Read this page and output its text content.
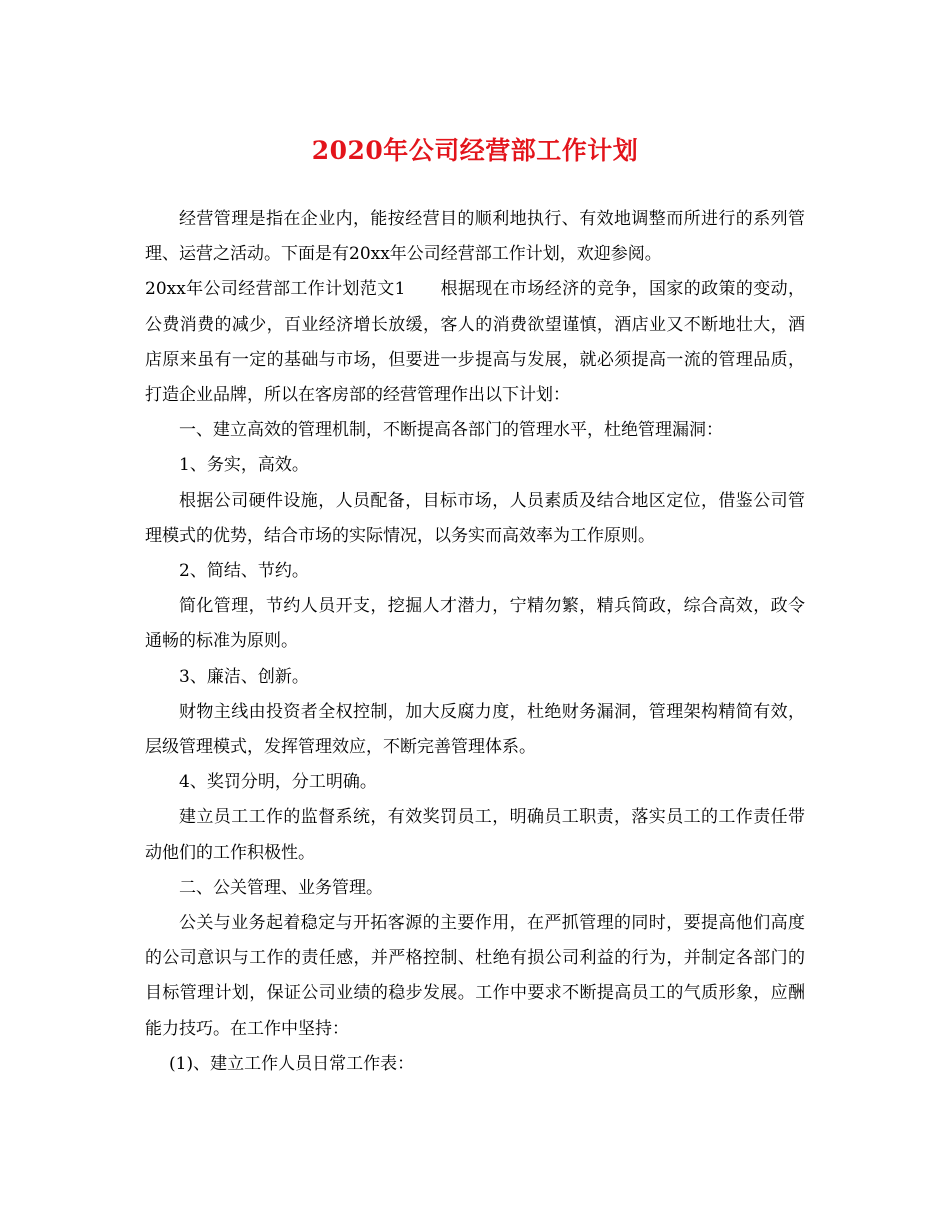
2020年公司经营部工作计划

经营管理是指在企业内，能按经营目的顺利地执行、有效地调整而所进行的系列管理、运营之活动。下面是有20xx年公司经营部工作计划，欢迎参阅。

20xx年公司经营部工作计划范文1　　根据现在市场经济的竞争，国家的政策的变动，公费消费的减少，百业经济增长放缓，客人的消费欲望谨慎，酒店业又不断地壮大，酒店原来虽有一定的基础与市场，但要进一步提高与发展，就必须提高一流的管理品质，打造企业品牌，所以在客房部的经营管理作出以下计划：

一、建立高效的管理机制，不断提高各部门的管理水平，杜绝管理漏洞：

1、务实，高效。

根据公司硬件设施，人员配备，目标市场，人员素质及结合地区定位，借鉴公司管理模式的优势，结合市场的实际情况，以务实而高效率为工作原则。

2、简结、节约。

简化管理，节约人员开支，挖掘人才潜力，宁精勿繁，精兵简政，综合高效，政令通畅的标准为原则。

3、廉洁、创新。

财物主线由投资者全权控制，加大反腐力度，杜绝财务漏洞，管理架构精简有效，层级管理模式，发挥管理效应，不断完善管理体系。

4、奖罚分明，分工明确。

建立员工工作的监督系统，有效奖罚员工，明确员工职责，落实员工的工作责任带动他们的工作积极性。

二、公关管理、业务管理。

公关与业务起着稳定与开拓客源的主要作用，在严抓管理的同时，要提高他们高度的公司意识与工作的责任感，并严格控制、杜绝有损公司利益的行为，并制定各部门的目标管理计划，保证公司业绩的稳步发展。工作中要求不断提高员工的气质形象，应酬能力技巧。在工作中坚持：

(1)、建立工作人员日常工作表：
